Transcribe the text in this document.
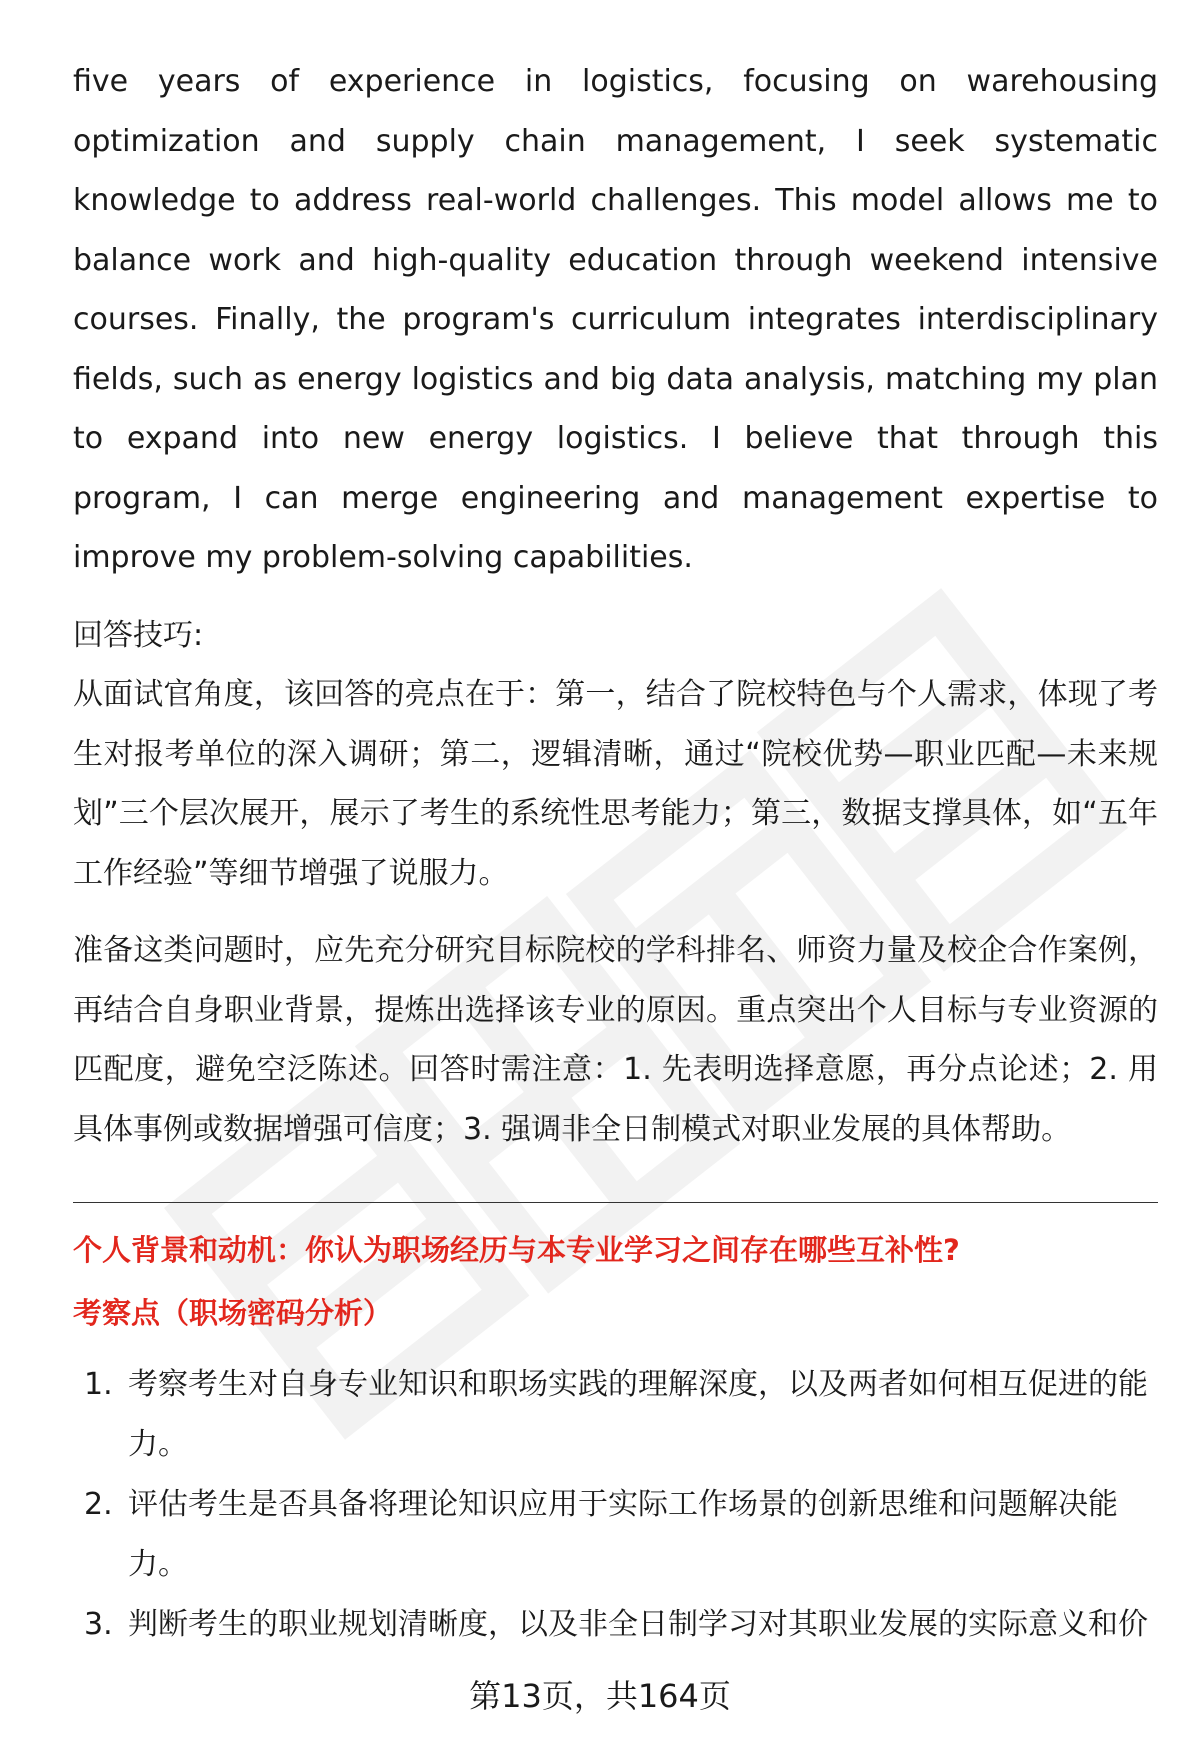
five years of experience in logistics, focusing on warehousing optimization and supply chain management, I seek systematic knowledge to address real-world challenges. This model allows me to balance work and high-quality education through weekend intensive courses. Finally, the program's curriculum integrates interdisciplinary fields, such as energy logistics and big data analysis, matching my plan to expand into new energy logistics. I believe that through this program, I can merge engineering and management expertise to improve my problem-solving capabilities.

回答技巧:

从面试官角度，该回答的亮点在于：第一，结合了院校特色与个人需求，体现了考生对报考单位的深入调研；第二，逻辑清晰，通过“院校优势—职业匹配—未来规划”三个层次展开，展示了考生的系统性思考能力；第三，数据支撑具体，如“五年工作经验”等细节增强了说服力。

准备这类问题时，应先充分研究目标院校的学科排名、师资力量及校企合作案例，再结合自身职业背景，提炼出选择该专业的原因。重点突出个人目标与专业资源的匹配度，避免空泛陈述。回答时需注意：1. 先表明选择意愿，再分点论述；2. 用具体事例或数据增强可信度；3. 强调非全日制模式对职业发展的具体帮助。

个人背景和动机：你认为职场经历与本专业学习之间存在哪些互补性?

考察点（职场密码分析）

1. 考察考生对自身专业知识和职场实践的理解深度，以及两者如何相互促进的能力。
2. 评估考生是否具备将理论知识应用于实际工作场景的创新思维和问题解决能力。
3. 判断考生的职业规划清晰度，以及非全日制学习对其职业发展的实际意义和价
第13页，共164页
